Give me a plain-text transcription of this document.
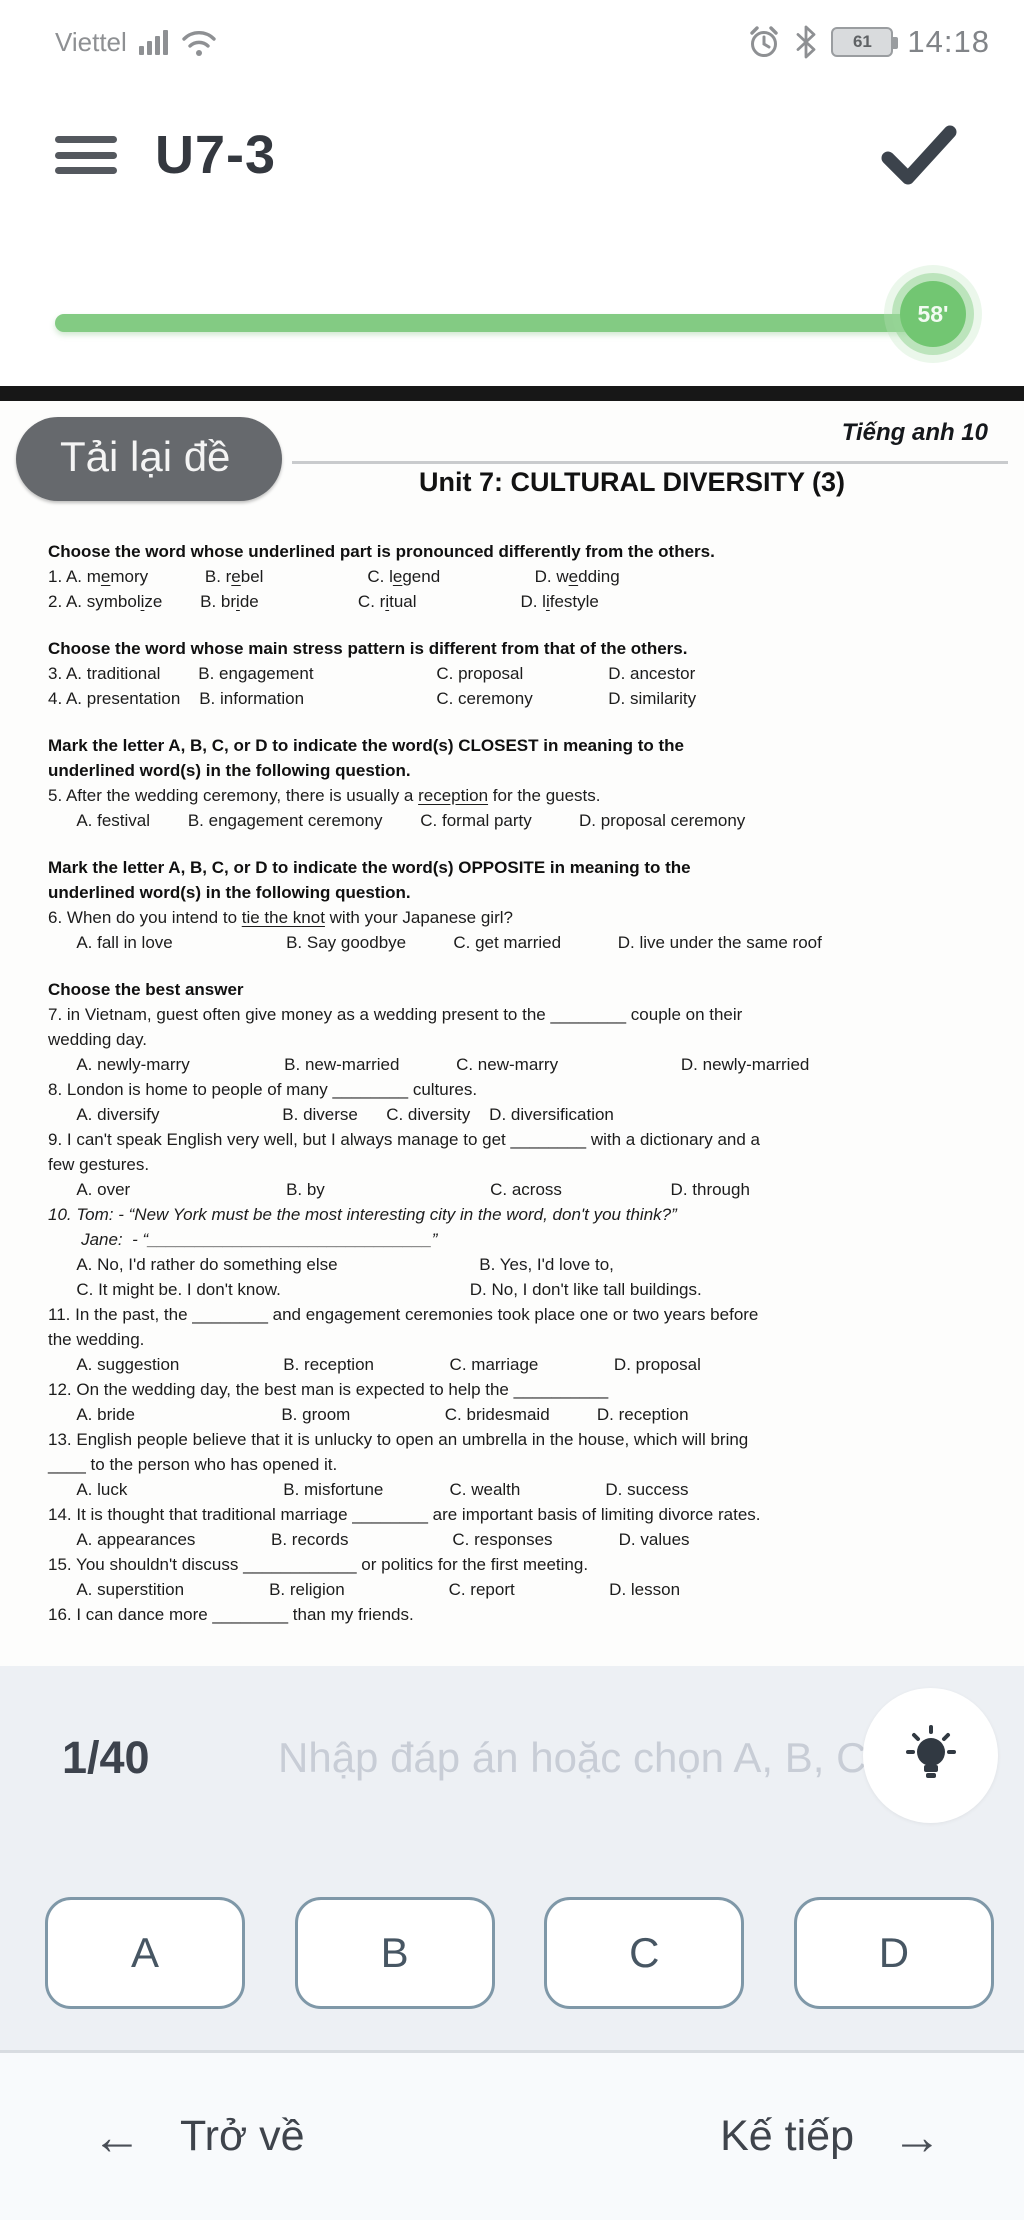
Viettel	61 14:18
U7-3
58'
Tải lại đề
Tiếng anh 10
Unit 7: CULTURAL DIVERSITY (3)
Choose the word whose underlined part is pronounced differently from the others.
1. A. memory            B. rebel                      C. legend                    D. wedding
2. A. symbolize        B. bride                     C. ritual                      D. lifestyle
Choose the word whose main stress pattern is different from that of the others.
3. A. traditional        B. engagement                          C. proposal                  D. ancestor
4. A. presentation    B. information                            C. ceremony                D. similarity
Mark the letter A, B, C, or D to indicate the word(s) CLOSEST in meaning to the
underlined word(s) in the following question.
5. After the wedding ceremony, there is usually a reception for the guests.
A. festival        B. engagement ceremony        C. formal party          D. proposal ceremony
Mark the letter A, B, C, or D to indicate the word(s) OPPOSITE in meaning to the
underlined word(s) in the following question.
6. When do you intend to tie the knot with your Japanese girl?
A. fall in love                        B. Say goodbye          C. get married            D. live under the same roof
Choose the best answer
7. in Vietnam, guest often give money as a wedding present to the ________ couple on their
wedding day.
A. newly-marry                    B. new-married            C. new-marry                          D. newly-married
8. London is home to people of many ________ cultures.
A. diversify                          B. diverse      C. diversity    D. diversification
9. I can't speak English very well, but I always manage to get ________ with a dictionary and a
few gestures.
A. over                                 B. by                                   C. across                       D. through
10. Tom: - “New York must be the most interesting city in the word, don't you think?”
Jane:  - “______________________________”
A. No, I'd rather do something else                              B. Yes, I'd love to,
C. It might be. I don't know.                                        D. No, I don't like tall buildings.
11. In the past, the ________ and engagement ceremonies took place one or two years before
the wedding.
A. suggestion                      B. reception                C. marriage                D. proposal
12. On the wedding day, the best man is expected to help the __________
A. bride                               B. groom                    C. bridesmaid          D. reception
13. English people believe that it is unlucky to open an umbrella in the house, which will bring
____ to the person who has opened it.
A. luck                                 B. misfortune              C. wealth                  D. success
14. It is thought that traditional marriage ________ are important basis of limiting divorce rates.
A. appearances                B. records                      C. responses              D. values
15. You shouldn't discuss ____________ or politics for the first meeting.
A. superstition                  B. religion                      C. report                    D. lesson
16. I can dance more ________ than my friends.
1/40
Nhập đáp án hoặc chọn A, B, C
A	B	C	D
← Trở về	Kế tiếp →
